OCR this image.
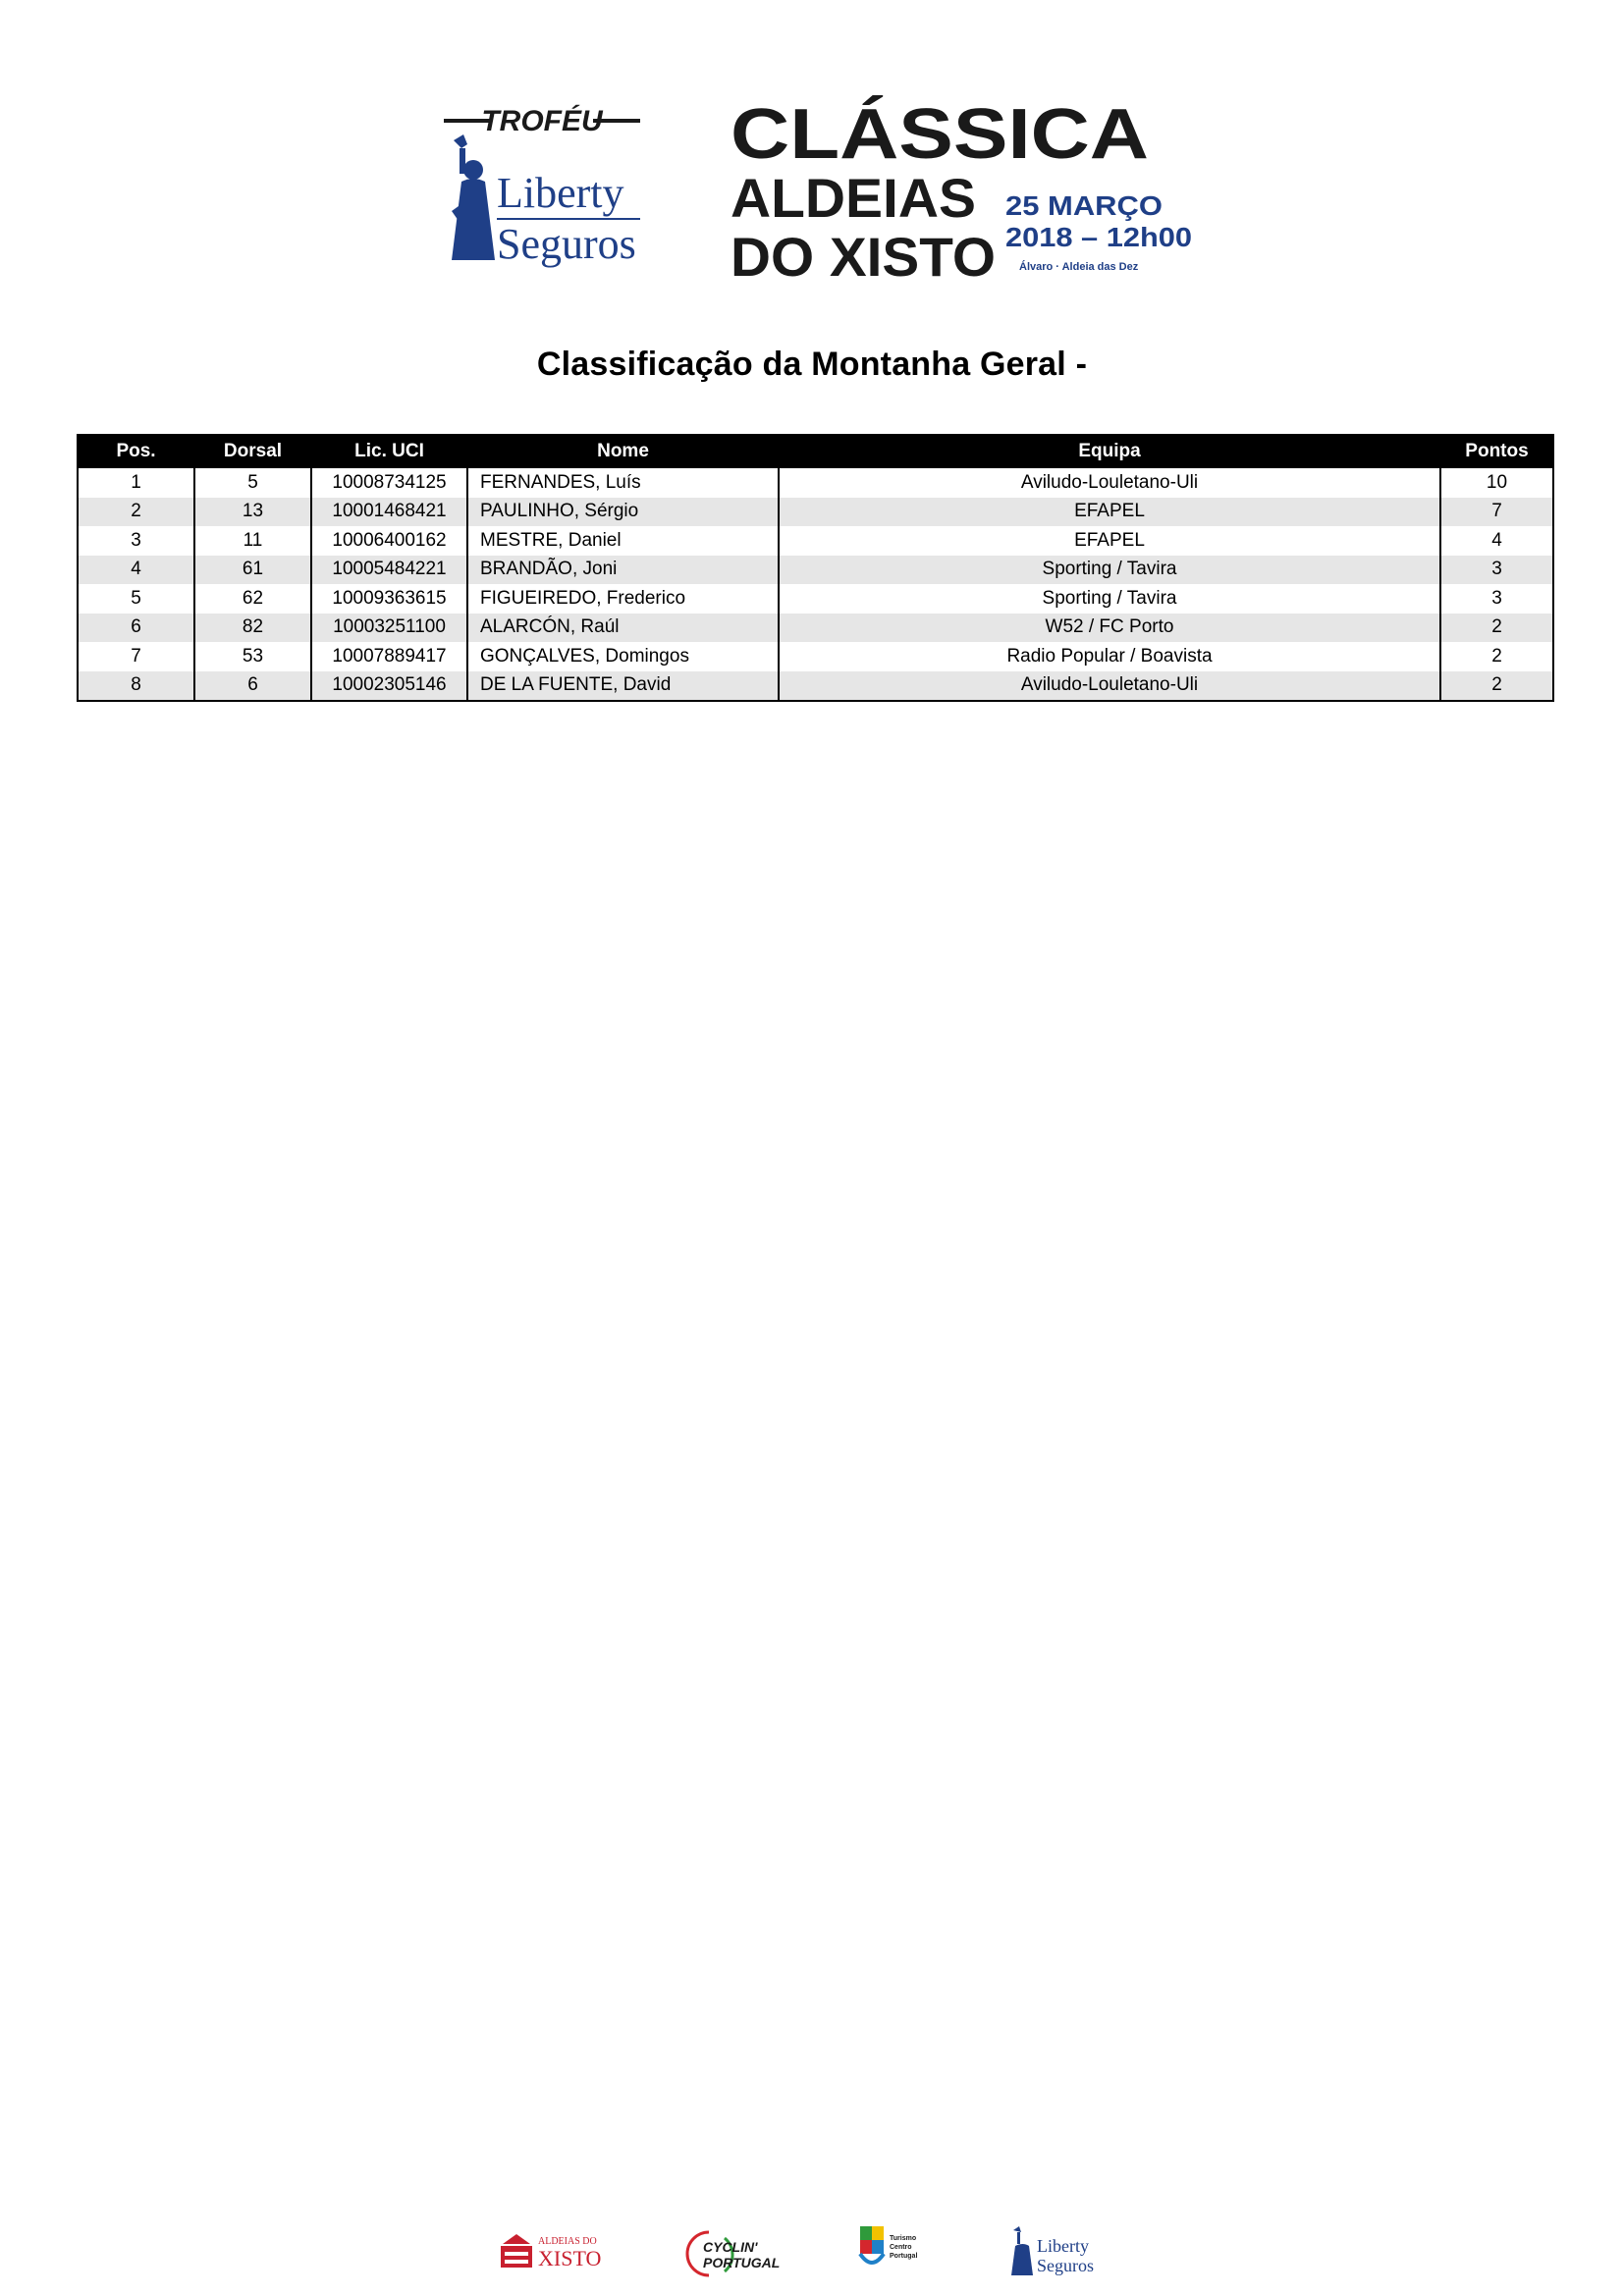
TROFÉU
Liberty
Seguros
CLÁSSICA
ALDEIAS
DO XISTO
25 MARÇO
2018 – 12h00
Álvaro · Aldeia das Dez
Classificação da Montanha Geral -
Pos.	Dorsal	Lic. UCI	Nome	Equipa	Pontos
1	5	10008734125	FERNANDES, Luís	Aviludo-Louletano-Uli	10
2	13	10001468421	PAULINHO, Sérgio	EFAPEL	7
3	11	10006400162	MESTRE, Daniel	EFAPEL	4
4	61	10005484221	BRANDÃO, Joni	Sporting / Tavira	3
5	62	10009363615	FIGUEIREDO, Frederico	Sporting / Tavira	3
6	82	10003251100	ALARCÓN, Raúl	W52 / FC Porto	2
7	53	10007889417	GONÇALVES, Domingos	Radio Popular / Boavista	2
8	6	10002305146	DE LA FUENTE, David	Aviludo-Louletano-Uli	2
ALDEIAS DO
XISTO	CYCLIN'
PORTUGAL
Turismo
Centro
Portugal
Liberty
Seguros
